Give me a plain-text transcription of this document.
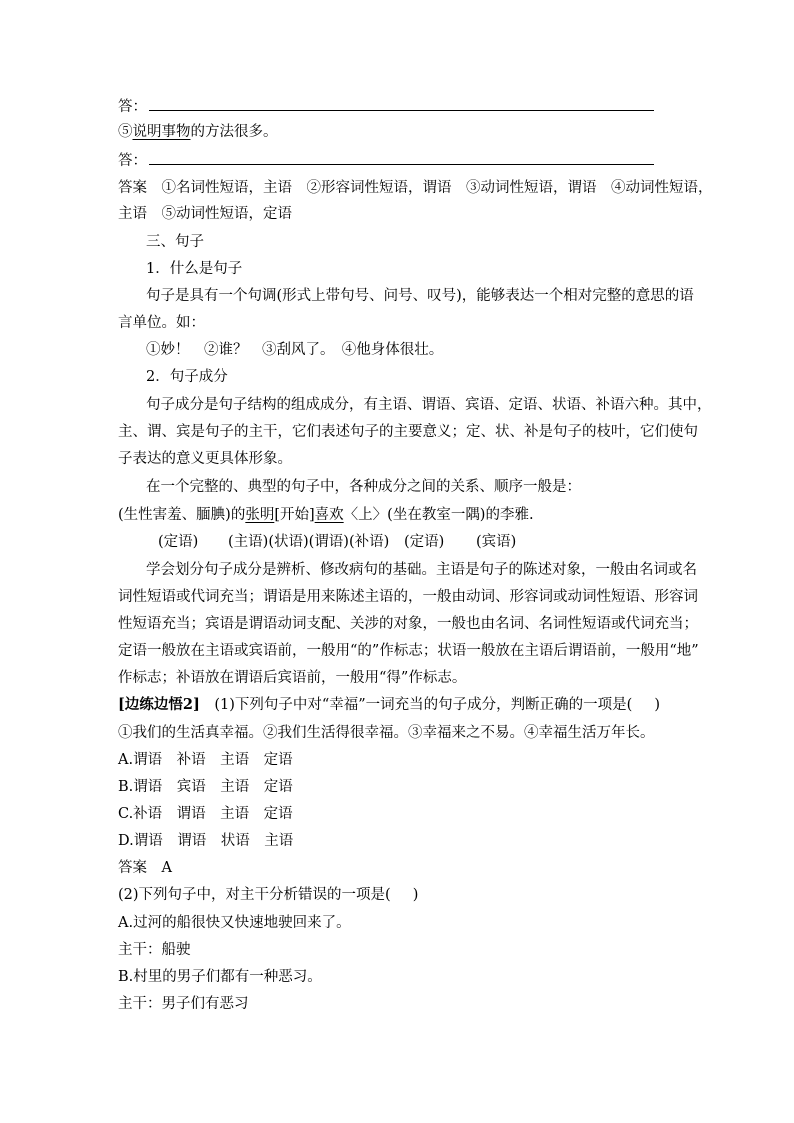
答：
⑤说明事物的方法很多。
答：
答案　 ①名词性短语，主语　②形容词性短语，谓语　③动词性短语，谓语　④动词性短语，
主语　⑤动词性短语，定语
三、句子
1．什么是句子
句子是具有一个句调(形式上带句号、问号、叹号)，能够表达一个相对完整的意思的语
言单位。如：
①妙！　②谁？　③刮风了。　④他身体很壮。
2．句子成分
句子成分是句子结构的组成成分，有主语、谓语、宾语、定语、状语、补语六种。其中，
主、谓、宾是句子的主干，它们表述句子的主要意义；定、状、补是句子的枝叶，它们使句
子表达的意义更具体形象。
在一个完整的、典型的句子中，各种成分之间的关系、顺序一般是：
(生性害羞、腼腆)的张明[开始]喜欢〈上〉(坐在教室一隅)的李雅.
(定语) (主语)(状语)(谓语)(补语) (定语) (宾语)
学会划分句子成分是辨析、修改病句的基础。主语是句子的陈述对象，一般由名词或名
词性短语或代词充当；谓语是用来陈述主语的，一般由动词、形容词或动词性短语、形容词
性短语充当；宾语是谓语动词支配、关涉的对象，一般也由名词、名词性短语或代词充当；
定语一般放在主语或宾语前，一般用“的”作标志；状语一般放在主语后谓语前，一般用“地”
作标志；补语放在谓语后宾语前，一般用“得”作标志。
[边练边悟2]　 (1)下列句子中对“幸福”一词充当的句子成分，判断正确的一项是( )
①我们的生活真幸福。②我们生活得很幸福。③幸福来之不易。④幸福生活万年长。
A.谓语　补语　主语　定语
B.谓语　宾语　主语　定语
C.补语　谓语　主语　定语
D.谓语　谓语　状语　主语
答案　 A
(2)下列句子中，对主干分析错误的一项是( )
A.过河的船很快又快速地驶回来了。
主干：船驶
B.村里的男子们都有一种恶习。
主干：男子们有恶习
